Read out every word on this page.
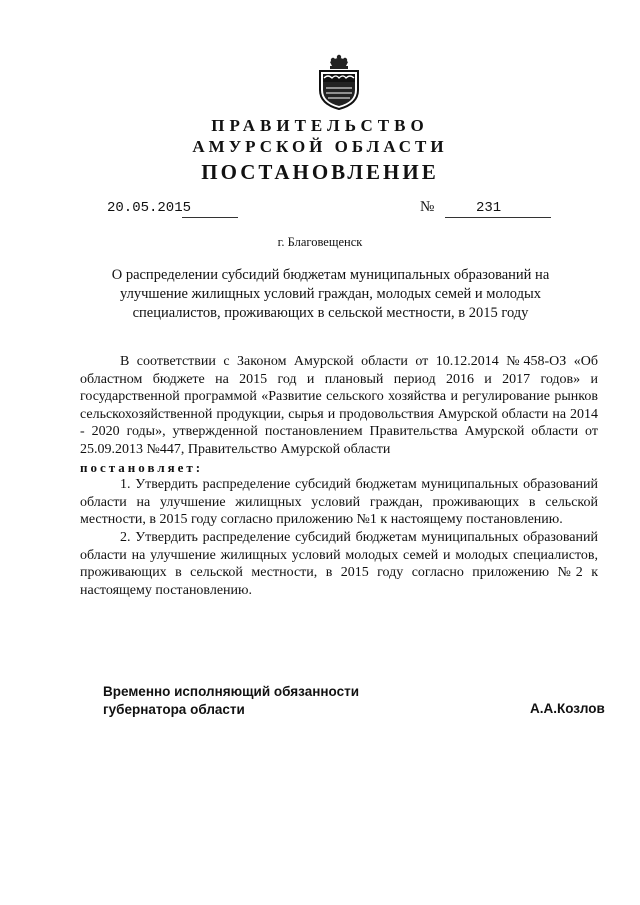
ПРАВИТЕЛЬСТВО
АМУРСКОЙ ОБЛАСТИ
ПОСТАНОВЛЕНИЕ
20.05.2015	№	231
г. Благовещенск
О распределении субсидий бюджетам муниципальных образований на улучшение жилищных условий граждан, молодых семей и молодых специалистов, проживающих в сельской местности, в 2015 году

В соответствии с Законом Амурской области от 10.12.2014 №458-ОЗ «Об областном бюджете на 2015 год и плановый период 2016 и 2017 годов» и государственной программой «Развитие сельского хозяйства и регулирование рынков сельскохозяйственной продукции, сырья и продовольствия Амурской области на 2014 - 2020 годы», утвержденной постановлением Правительства Амурской области от 25.09.2013 №447, Правительство Амурской области

постановляет:

1. Утвердить распределение субсидий бюджетам муниципальных образований области на улучшение жилищных условий граждан, проживающих в сельской местности, в 2015 году согласно приложению №1 к настоящему постановлению.

2. Утвердить распределение субсидий бюджетам муниципальных образований области на улучшение жилищных условий молодых семей и молодых специалистов, проживающих в сельской местности, в 2015 году согласно приложению №2 к настоящему постановлению.

Временно исполняющий обязанности
губернатора области	А.А.Козлов
